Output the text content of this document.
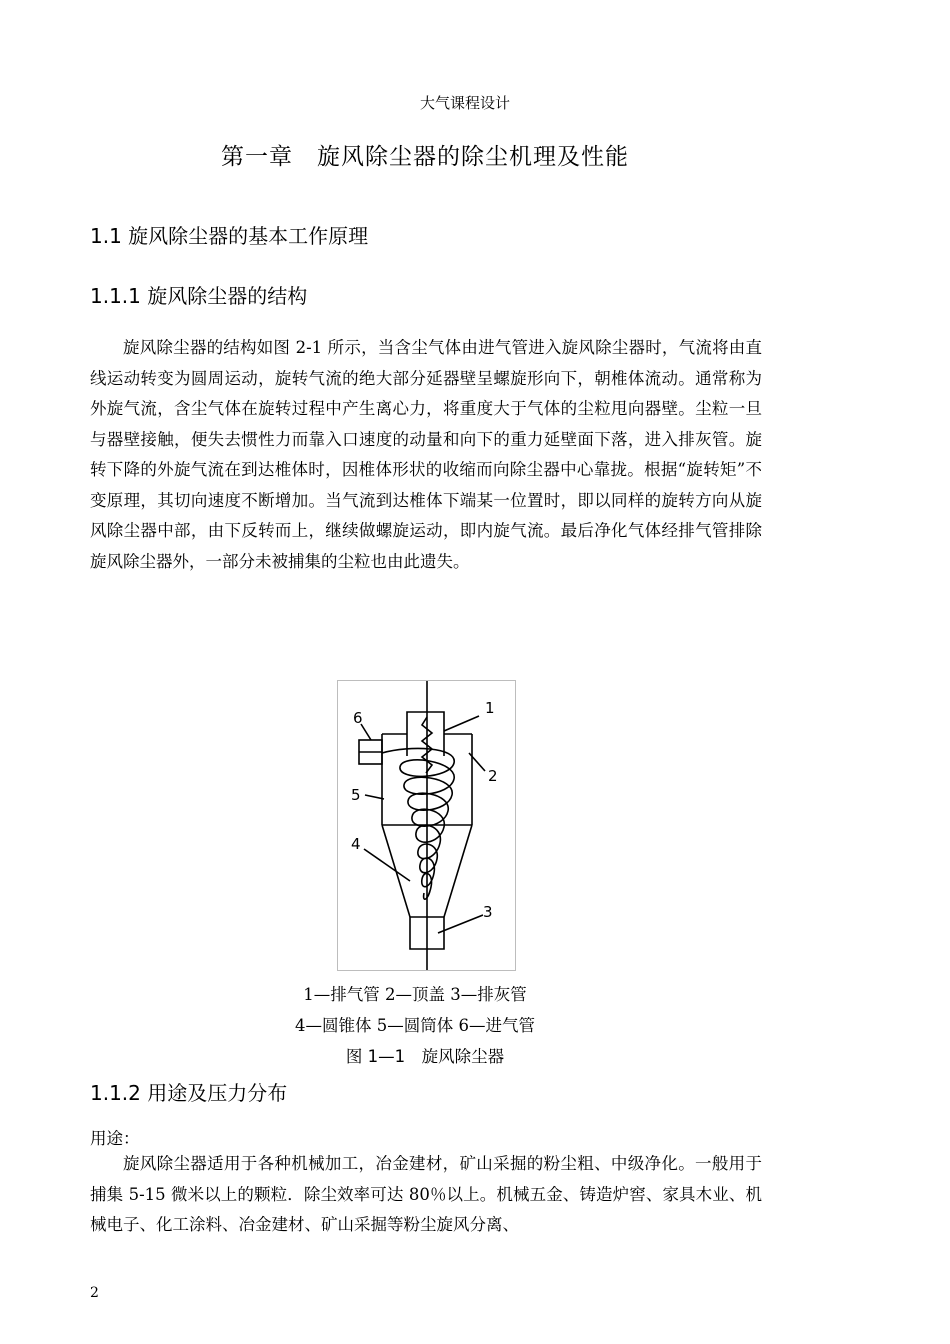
大气课程设计
第一章　旋风除尘器的除尘机理及性能
1.1 旋风除尘器的基本工作原理
1.1.1 旋风除尘器的结构

旋风除尘器的结构如图 2-1 所示，当含尘气体由进气管进入旋风除尘器时，气流将由直线运动转变为圆周运动，旋转气流的绝大部分延器壁呈螺旋形向下，朝椎体流动。通常称为外旋气流，含尘气体在旋转过程中产生离心力，将重度大于气体的尘粒甩向器壁。尘粒一旦与器壁接触，便失去惯性力而靠入口速度的动量和向下的重力延壁面下落，进入排灰管。旋转下降的外旋气流在到达椎体时，因椎体形状的收缩而向除尘器中心靠拢。根据“旋转矩”不变原理，其切向速度不断增加。当气流到达椎体下端某一位置时，即以同样的旋转方向从旋风除尘器中部，由下反转而上，继续做螺旋运动，即内旋气流。最后净化气体经排气管排除旋风除尘器外，一部分未被捕集的尘粒也由此遗失。

1
2
3
4
5
6
1—排气管 2—顶盖 3—排灰管
4—圆锥体 5—圆筒体 6—进气管
图 1—1　旋风除尘器
1.1.2 用途及压力分布
用途：

旋风除尘器适用于各种机械加工，冶金建材，矿山采掘的粉尘粗、中级净化。一般用于捕集 5-15 微米以上的颗粒．除尘效率可达 80％以上。机械五金、铸造炉窖、家具木业、机械电子、化工涂料、冶金建材、矿山采掘等粉尘旋风分离、

2
